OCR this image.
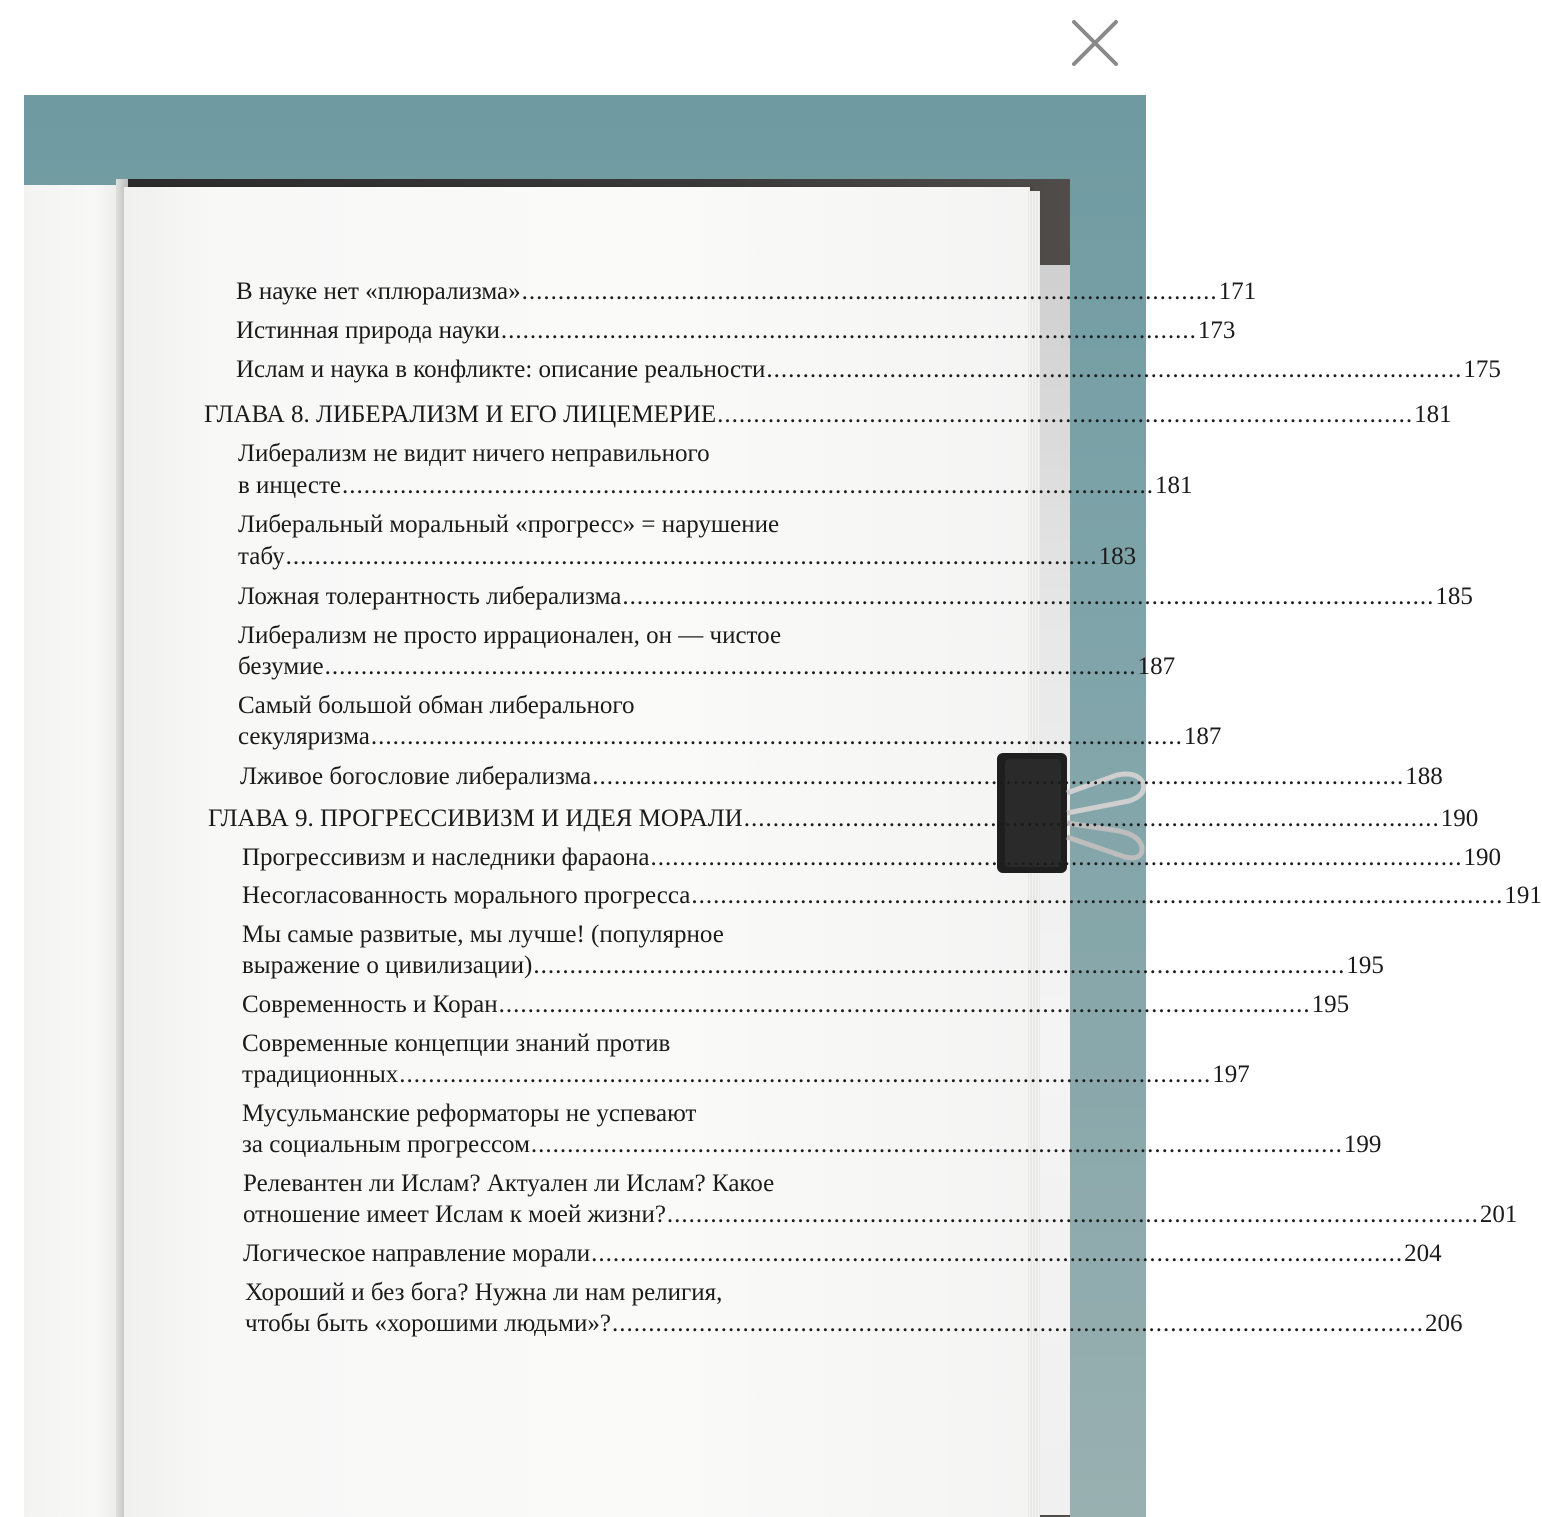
В науке нет «плюрализма» ................................................................................................ 171
Истинная природа науки ................................................................................................ 173
Ислам и наука в конфликте: описание реальности ................................................................................................ 175
ГЛАВА 8. ЛИБЕРАЛИЗМ И ЕГО ЛИЦЕМЕРИЕ ................................................................................................ 181
Либерализм не видит ничего неправильного
в инцесте ................................................................................................................ 181
Либеральный моральный «прогресс» = нарушение
табу ................................................................................................................ 183
Ложная толерантность либерализма ................................................................................................................ 185
Либерализм не просто иррационален, он — чистое
безумие ................................................................................................................ 187
Самый большой обман либерального
секуляризма ................................................................................................................ 187
Лживое богословие либерализма ................................................................................................................ 188
ГЛАВА 9. ПРОГРЕССИВИЗМ И ИДЕЯ МОРАЛИ ................................................................................................ 190
Прогрессивизм и наследники фараона ................................................................................................................ 190
Несогласованность морального прогресса ................................................................................................................ 191
Мы самые развитые, мы лучше! (популярное
выражение о цивилизации) ................................................................................................................ 195
Современность и Коран ................................................................................................................ 195
Современные концепции знаний против
традиционных ................................................................................................................ 197
Мусульманские реформаторы не успевают
за социальным прогрессом ................................................................................................................ 199
Релевантен ли Ислам? Актуален ли Ислам? Какое
отношение имеет Ислам к моей жизни? ................................................................................................................ 201
Логическое направление морали ................................................................................................................ 204
Хороший и без бога? Нужна ли нам религия,
чтобы быть «хорошими людьми»? ................................................................................................................ 206
